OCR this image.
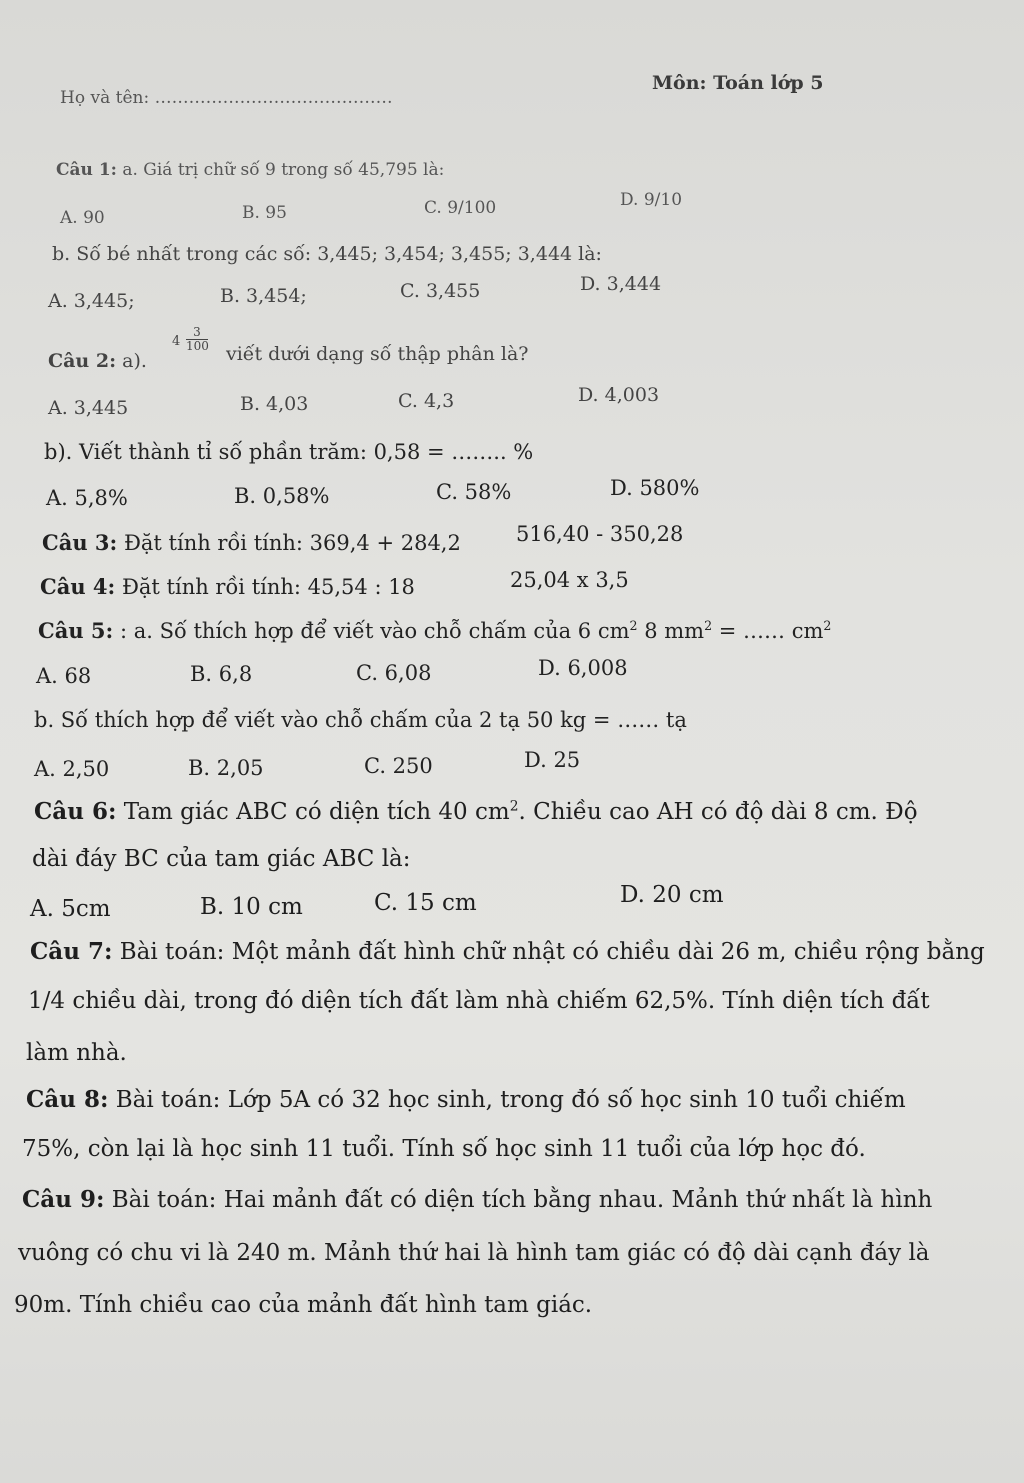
Họ và tên: ……………………………………
Môn: Toán lớp 5
Câu 1: a. Giá trị chữ số 9 trong số 45,795 là:
A. 90	B. 95	C. 9/100	D. 9/10
b. Số bé nhất trong các số: 3,445; 3,454; 3,455; 3,444 là:
A. 3,445;	B. 3,454;	C. 3,455	D. 3,444
Câu 2: a).
$4 \frac{3}{100}$
viết dưới dạng số thập phân là?
A. 3,445	B. 4,03	C. 4,3	D. 4,003
b). Viết thành tỉ số phần trăm: 0,58 = …….. %
A. 5,8%	B. 0,58%	C. 58%	D. 580%
Câu 3: Đặt tính rồi tính: 369,4 + 284,2	516,40 - 350,28
Câu 4: Đặt tính rồi tính: 45,54 : 18	25,04 x 3,5
Câu 5: : a. Số thích hợp để viết vào chỗ chấm của 6 $cm^2$ 8 $mm^2$ = …… $cm^2$
A. 68	B. 6,8	C. 6,08	D. 6,008
b. Số thích hợp để viết vào chỗ chấm của 2 tạ 50 kg = …… tạ
A. 2,50	B. 2,05	C. 250	D. 25
Câu 6: Tam giác ABC có diện tích 40 $cm^2$. Chiều cao AH có độ dài 8 cm. Độ
dài đáy BC của tam giác ABC là:
A. 5cm	B. 10 cm	C. 15 cm	D. 20 cm
Câu 7: Bài toán: Một mảnh đất hình chữ nhật có chiều dài 26 m, chiều rộng bằng
1/4 chiều dài, trong đó diện tích đất làm nhà chiếm 62,5%. Tính diện tích đất
làm nhà.
Câu 8: Bài toán: Lớp 5A có 32 học sinh, trong đó số học sinh 10 tuổi chiếm
75%, còn lại là học sinh 11 tuổi. Tính số học sinh 11 tuổi của lớp học đó.
Câu 9: Bài toán: Hai mảnh đất có diện tích bằng nhau. Mảnh thứ nhất là hình
vuông có chu vi là 240 m. Mảnh thứ hai là hình tam giác có độ dài cạnh đáy là
90m. Tính chiều cao của mảnh đất hình tam giác.
